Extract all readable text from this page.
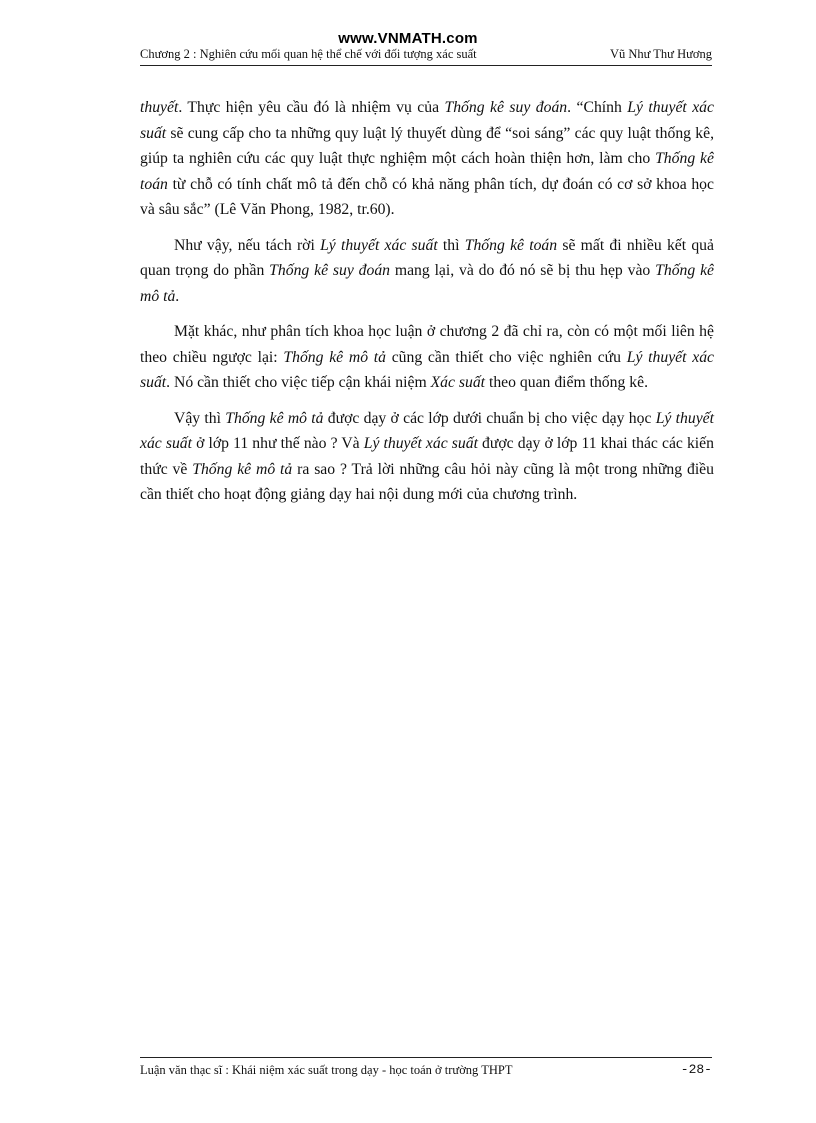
www.VNMATH.com
Chương 2 : Nghiên cứu mối quan hệ thể chế với đối tượng xác suất	Vũ Như Thư Hương

thuyết. Thực hiện yêu cầu đó là nhiệm vụ của Thống kê suy đoán. “Chính Lý thuyết xác suất sẽ cung cấp cho ta những quy luật lý thuyết dùng để “soi sáng” các quy luật thống kê, giúp ta nghiên cứu các quy luật thực nghiệm một cách hoàn thiện hơn, làm cho Thống kê toán từ chỗ có tính chất mô tả đến chỗ có khả năng phân tích, dự đoán có cơ sở khoa học và sâu sắc” (Lê Văn Phong, 1982, tr.60).

Như vậy, nếu tách rời Lý thuyết xác suất thì Thống kê toán sẽ mất đi nhiều kết quả quan trọng do phần Thống kê suy đoán mang lại, và do đó nó sẽ bị thu hẹp vào Thống kê mô tả.

Mặt khác, như phân tích khoa học luận ở chương 2 đã chỉ ra, còn có một mối liên hệ theo chiều ngược lại: Thống kê mô tả cũng cần thiết cho việc nghiên cứu Lý thuyết xác suất. Nó cần thiết cho việc tiếp cận khái niệm Xác suất theo quan điểm thống kê.

Vậy thì Thống kê mô tả được dạy ở các lớp dưới chuẩn bị cho việc dạy học Lý thuyết xác suất ở lớp 11 như thế nào ? Và Lý thuyết xác suất được dạy ở lớp 11 khai thác các kiến thức về Thống kê mô tả ra sao ? Trả lời những câu hỏi này cũng là một trong những điều cần thiết cho hoạt động giảng dạy hai nội dung mới của chương trình.

Luận văn thạc sĩ : Khái niệm xác suất trong dạy - học toán ở trường THPT	-28-
